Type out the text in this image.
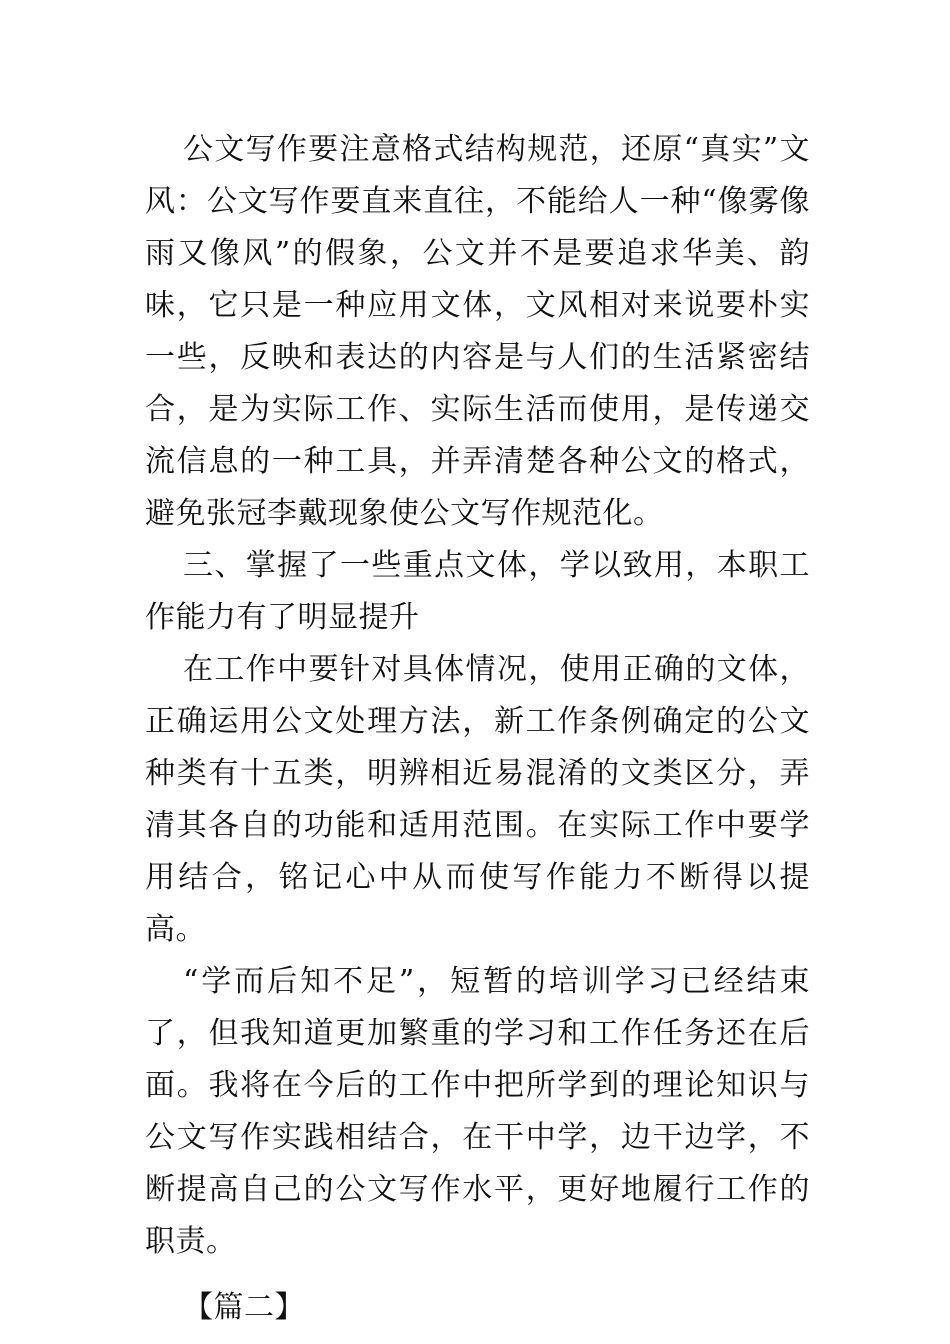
公文写作要注意格式结构规范，还原“真实”文风：公文写作要直来直往，不能给人一种“像雾像雨又像风”的假象，公文并不是要追求华美、韵味，它只是一种应用文体，文风相对来说要朴实一些，反映和表达的内容是与人们的生活紧密结合，是为实际工作、实际生活而使用，是传递交流信息的一种工具，并弄清楚各种公文的格式，避免张冠李戴现象使公文写作规范化。

三、掌握了一些重点文体，学以致用，本职工作能力有了明显提升

在工作中要针对具体情况，使用正确的文体，正确运用公文处理方法，新工作条例确定的公文种类有十五类，明辨相近易混淆的文类区分，弄清其各自的功能和适用范围。在实际工作中要学用结合，铭记心中从而使写作能力不断得以提高。

“学而后知不足”，短暂的培训学习已经结束了，但我知道更加繁重的学习和工作任务还在后面。我将在今后的工作中把所学到的理论知识与公文写作实践相结合，在干中学，边干边学，不断提高自己的公文写作水平，更好地履行工作的职责。

【篇二】
